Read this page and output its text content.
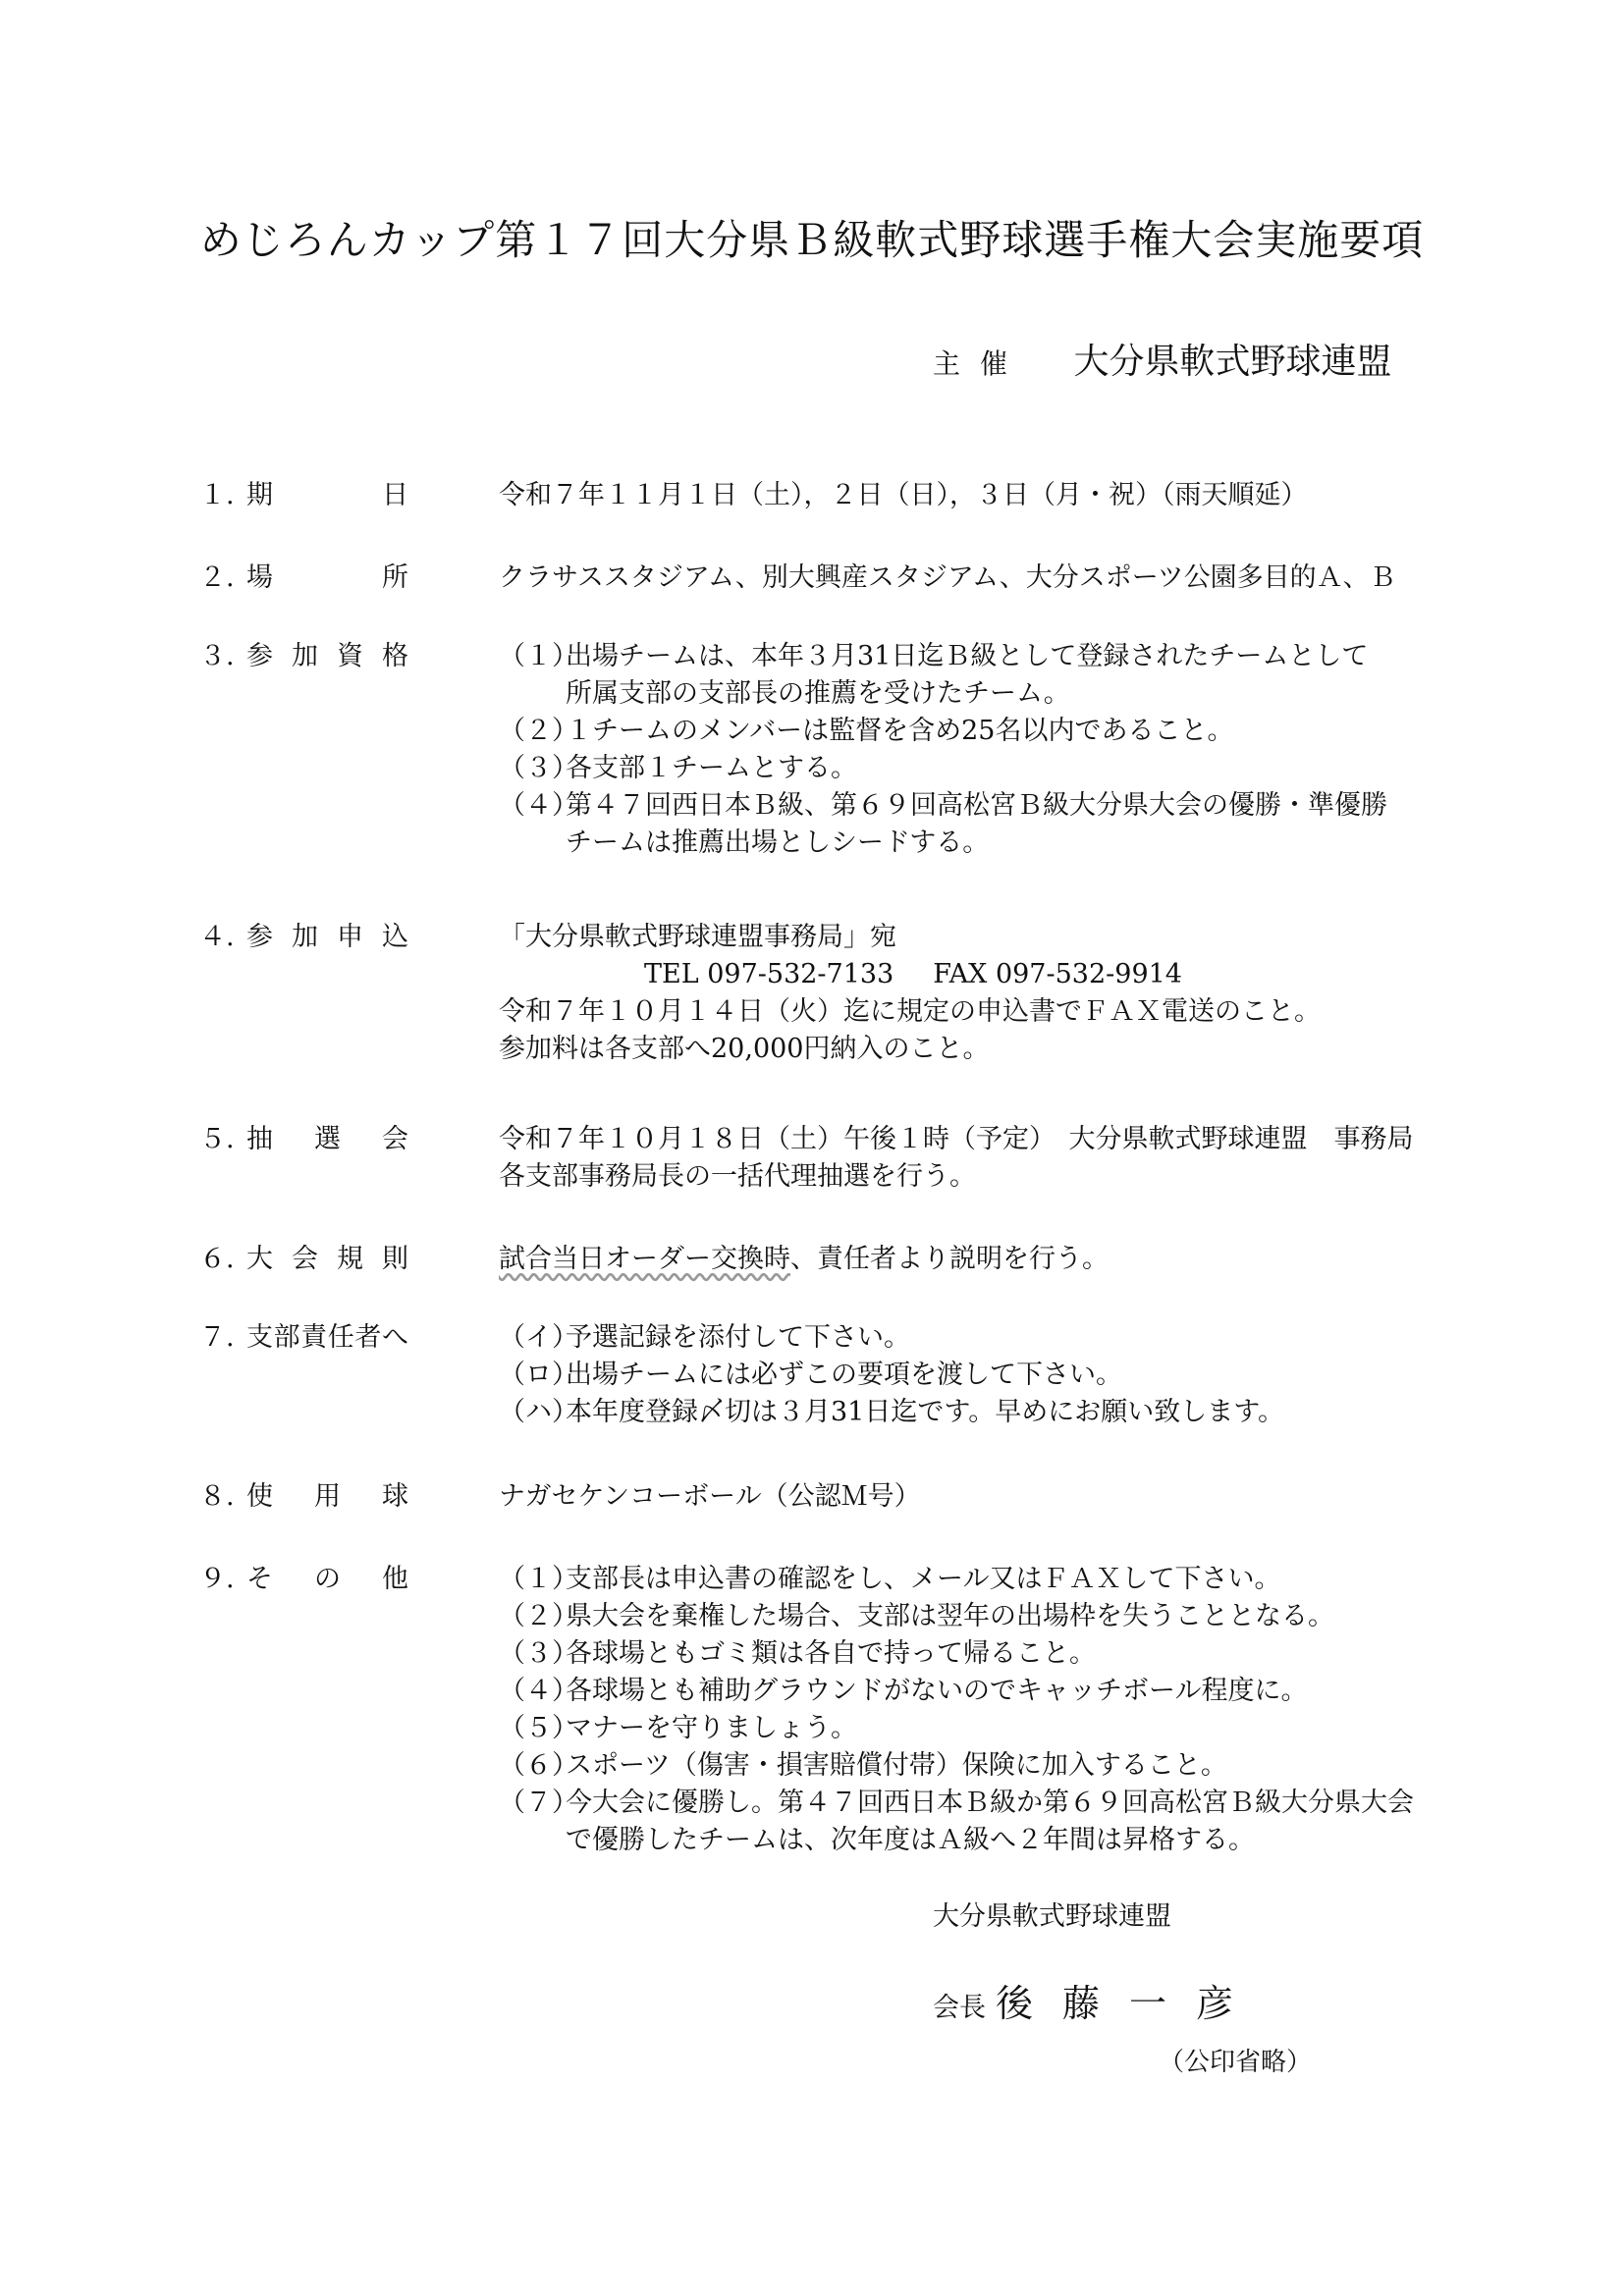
めじろんカップ第１７回大分県Ｂ級軟式野球選手権大会実施要項
主催 大分県軟式野球連盟
１. 期日	令和７年１１月１日（土），２日（日），３日（月・祝）（雨天順延）
２. 場所	クラサススタジアム、別大興産スタジアム、大分スポーツ公園多目的Ａ、Ｂ
３. 参加資格	（１）
出場チームは、本年３月31日迄Ｂ級として登録されたチームとして
所属支部の支部長の推薦を受けたチーム。
（２）
１チームのメンバーは監督を含め25名以内であること。
（３）
各支部１チームとする。
（４）
第４７回西日本Ｂ級、第６９回高松宮Ｂ級大分県大会の優勝・準優勝
チームは推薦出場としシードする。
４. 参加申込	「大分県軟式野球連盟事務局」宛
TEL 097-532-7133 FAX 097-532-9914
令和７年１０月１４日（火）迄に規定の申込書でＦＡＸ電送のこと。
参加料は各支部へ20,000円納入のこと。
５. 抽選会	令和７年１０月１８日（土）午後１時（予定）　大分県軟式野球連盟　事務局
各支部事務局長の一括代理抽選を行う。
６. 大会規則	試合当日オーダー交換時、責任者より説明を行う。
７. 支部責任者へ	（イ）
予選記録を添付して下さい。
（ロ）
出場チームには必ずこの要項を渡して下さい。
（ハ）
本年度登録〆切は３月31日迄です。早めにお願い致します。
８. 使用球	ナガセケンコーボール（公認Ｍ号）
９. その他	（１）
支部長は申込書の確認をし、メール又はＦＡＸして下さい。
（２）
県大会を棄権した場合、支部は翌年の出場枠を失うこととなる。
（３）
各球場ともゴミ類は各自で持って帰ること。
（４）
各球場とも補助グラウンドがないのでキャッチボール程度に。
（５）
マナーを守りましょう。
（６）
スポーツ（傷害・損害賠償付帯）保険に加入すること。
（７）
今大会に優勝し。第４７回西日本Ｂ級か第６９回高松宮Ｂ級大分県大会
で優勝したチームは、次年度はＡ級へ２年間は昇格する。
大分県軟式野球連盟
会長 後藤一彦
（公印省略）
